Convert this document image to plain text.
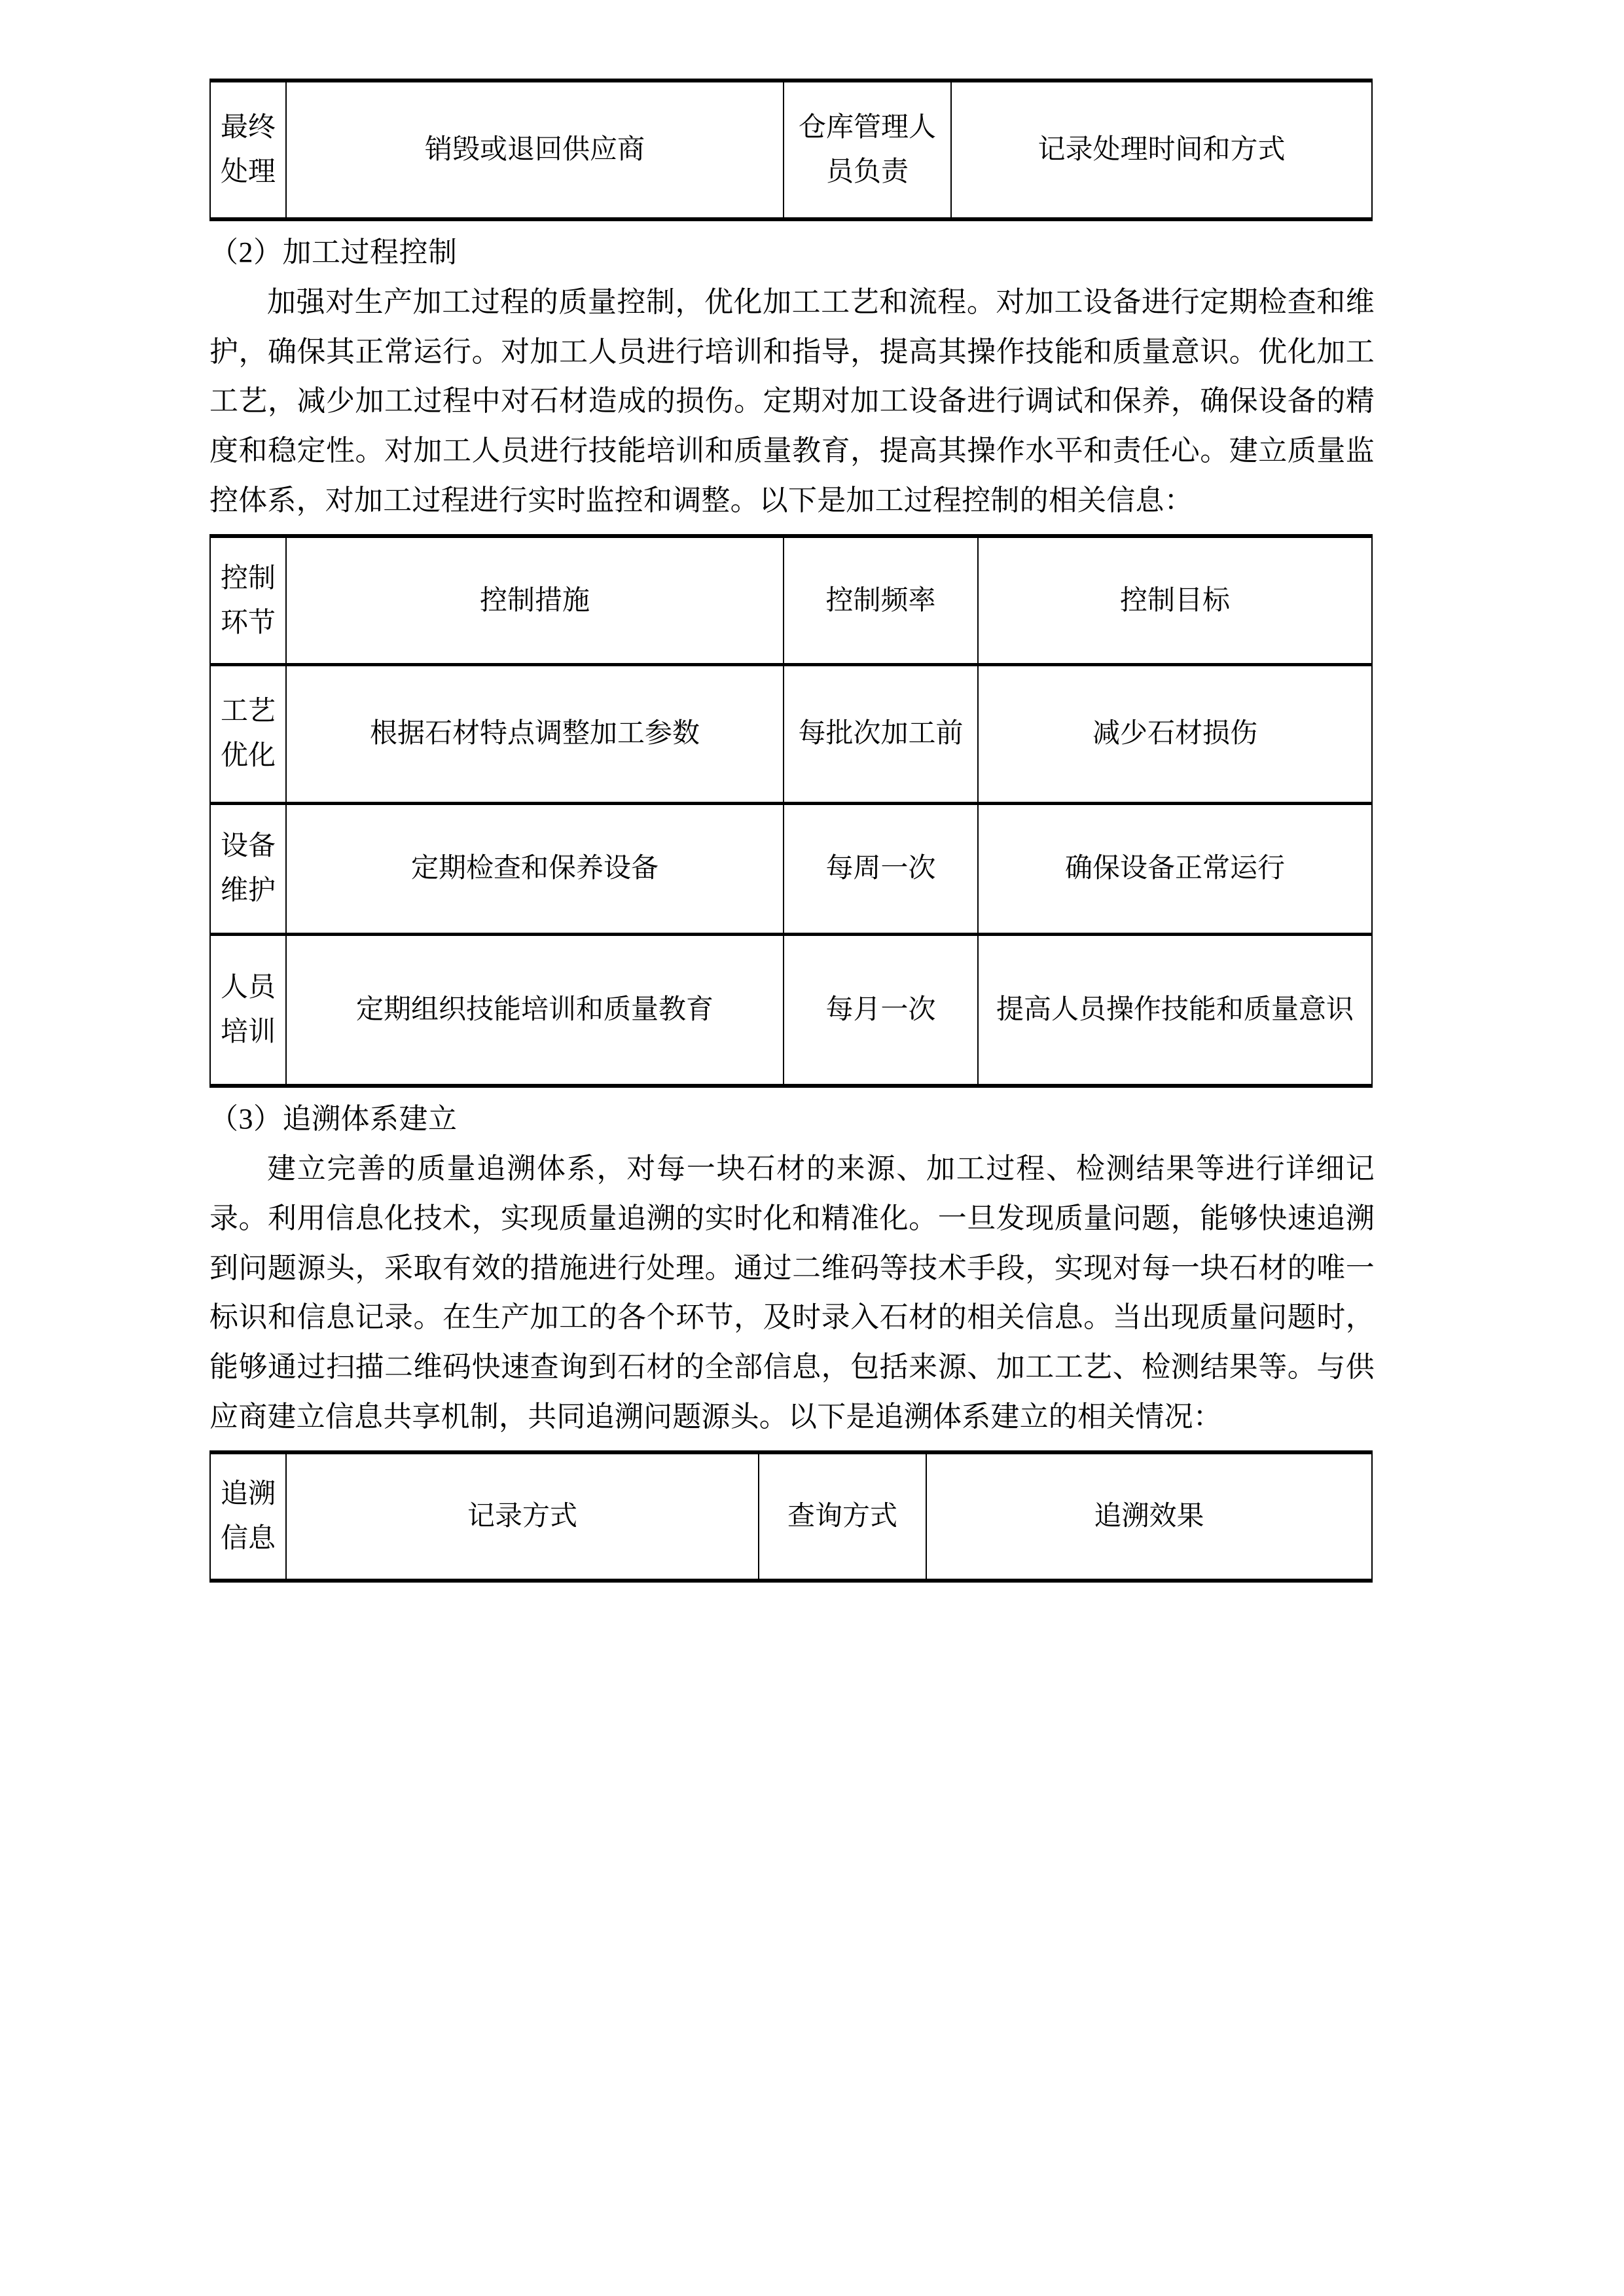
最终处理	销毁或退回供应商	仓库管理人员负责	记录处理时间和方式
（2）加工过程控制

加强对生产加工过程的质量控制，优化加工工艺和流程。对加工设备进行定期检查和维护，确保其正常运行。对加工人员进行培训和指导，提高其操作技能和质量意识。优化加工工艺，减少加工过程中对石材造成的损伤。定期对加工设备进行调试和保养，确保设备的精度和稳定性。对加工人员进行技能培训和质量教育，提高其操作水平和责任心。建立质量监控体系，对加工过程进行实时监控和调整。以下是加工过程控制的相关信息：

控制环节	控制措施	控制频率	控制目标
工艺优化	根据石材特点调整加工参数	每批次加工前	减少石材损伤
设备维护	定期检查和保养设备	每周一次	确保设备正常运行
人员培训	定期组织技能培训和质量教育	每月一次	提高人员操作技能和质量意识
（3）追溯体系建立

建立完善的质量追溯体系，对每一块石材的来源、加工过程、检测结果等进行详细记录。利用信息化技术，实现质量追溯的实时化和精准化。一旦发现质量问题，能够快速追溯到问题源头，采取有效的措施进行处理。通过二维码等技术手段，实现对每一块石材的唯一标识和信息记录。在生产加工的各个环节，及时录入石材的相关信息。当出现质量问题时，能够通过扫描二维码快速查询到石材的全部信息，包括来源、加工工艺、检测结果等。与供应商建立信息共享机制，共同追溯问题源头。以下是追溯体系建立的相关情况：

追溯信息	记录方式	查询方式	追溯效果
